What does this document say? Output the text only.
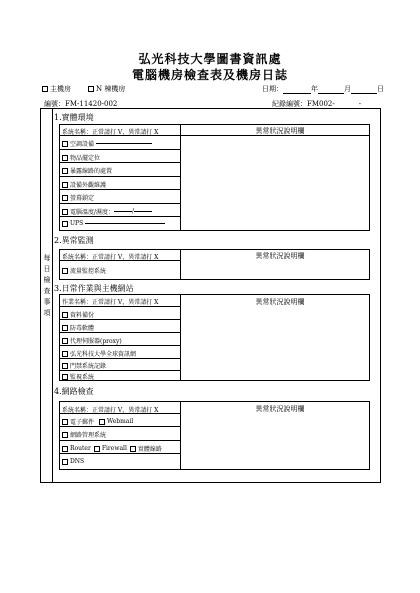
弘光科技大學圖書資訊處
電腦機房檢查表及機房日誌
主機房	N 棟機房	日期：	年	月	日
編號：FM-11420-002	紀錄編號：FM002-	-
每
日
檢
查
事
項
1.實體環境
系統名稱：正常請打 V，異常請打 X	異常狀況說明欄
空調設備
物品擺定位
暴露線路的處置
設備外觀維護
螢幕鎖定
電腦溫度/濕度：	/
UPS
2.異常監測
系統名稱：正常請打 V，異常請打 X	異常狀況說明欄
流量監控系統
3.日常作業與主機網站
作業名稱：正常請打 V，異常請打 X	異常狀況說明欄
資料備份
防毒軟體
代理伺服器(proxy)
弘光科技大學全球資訊網
門禁系統記錄
監視系統
4.網路檢查
系統名稱：正常請打 V，異常請打 X	異常狀況說明欄
電子郵件 Webmail
網路管理系統
Router Firewall 實體線路
DNS
